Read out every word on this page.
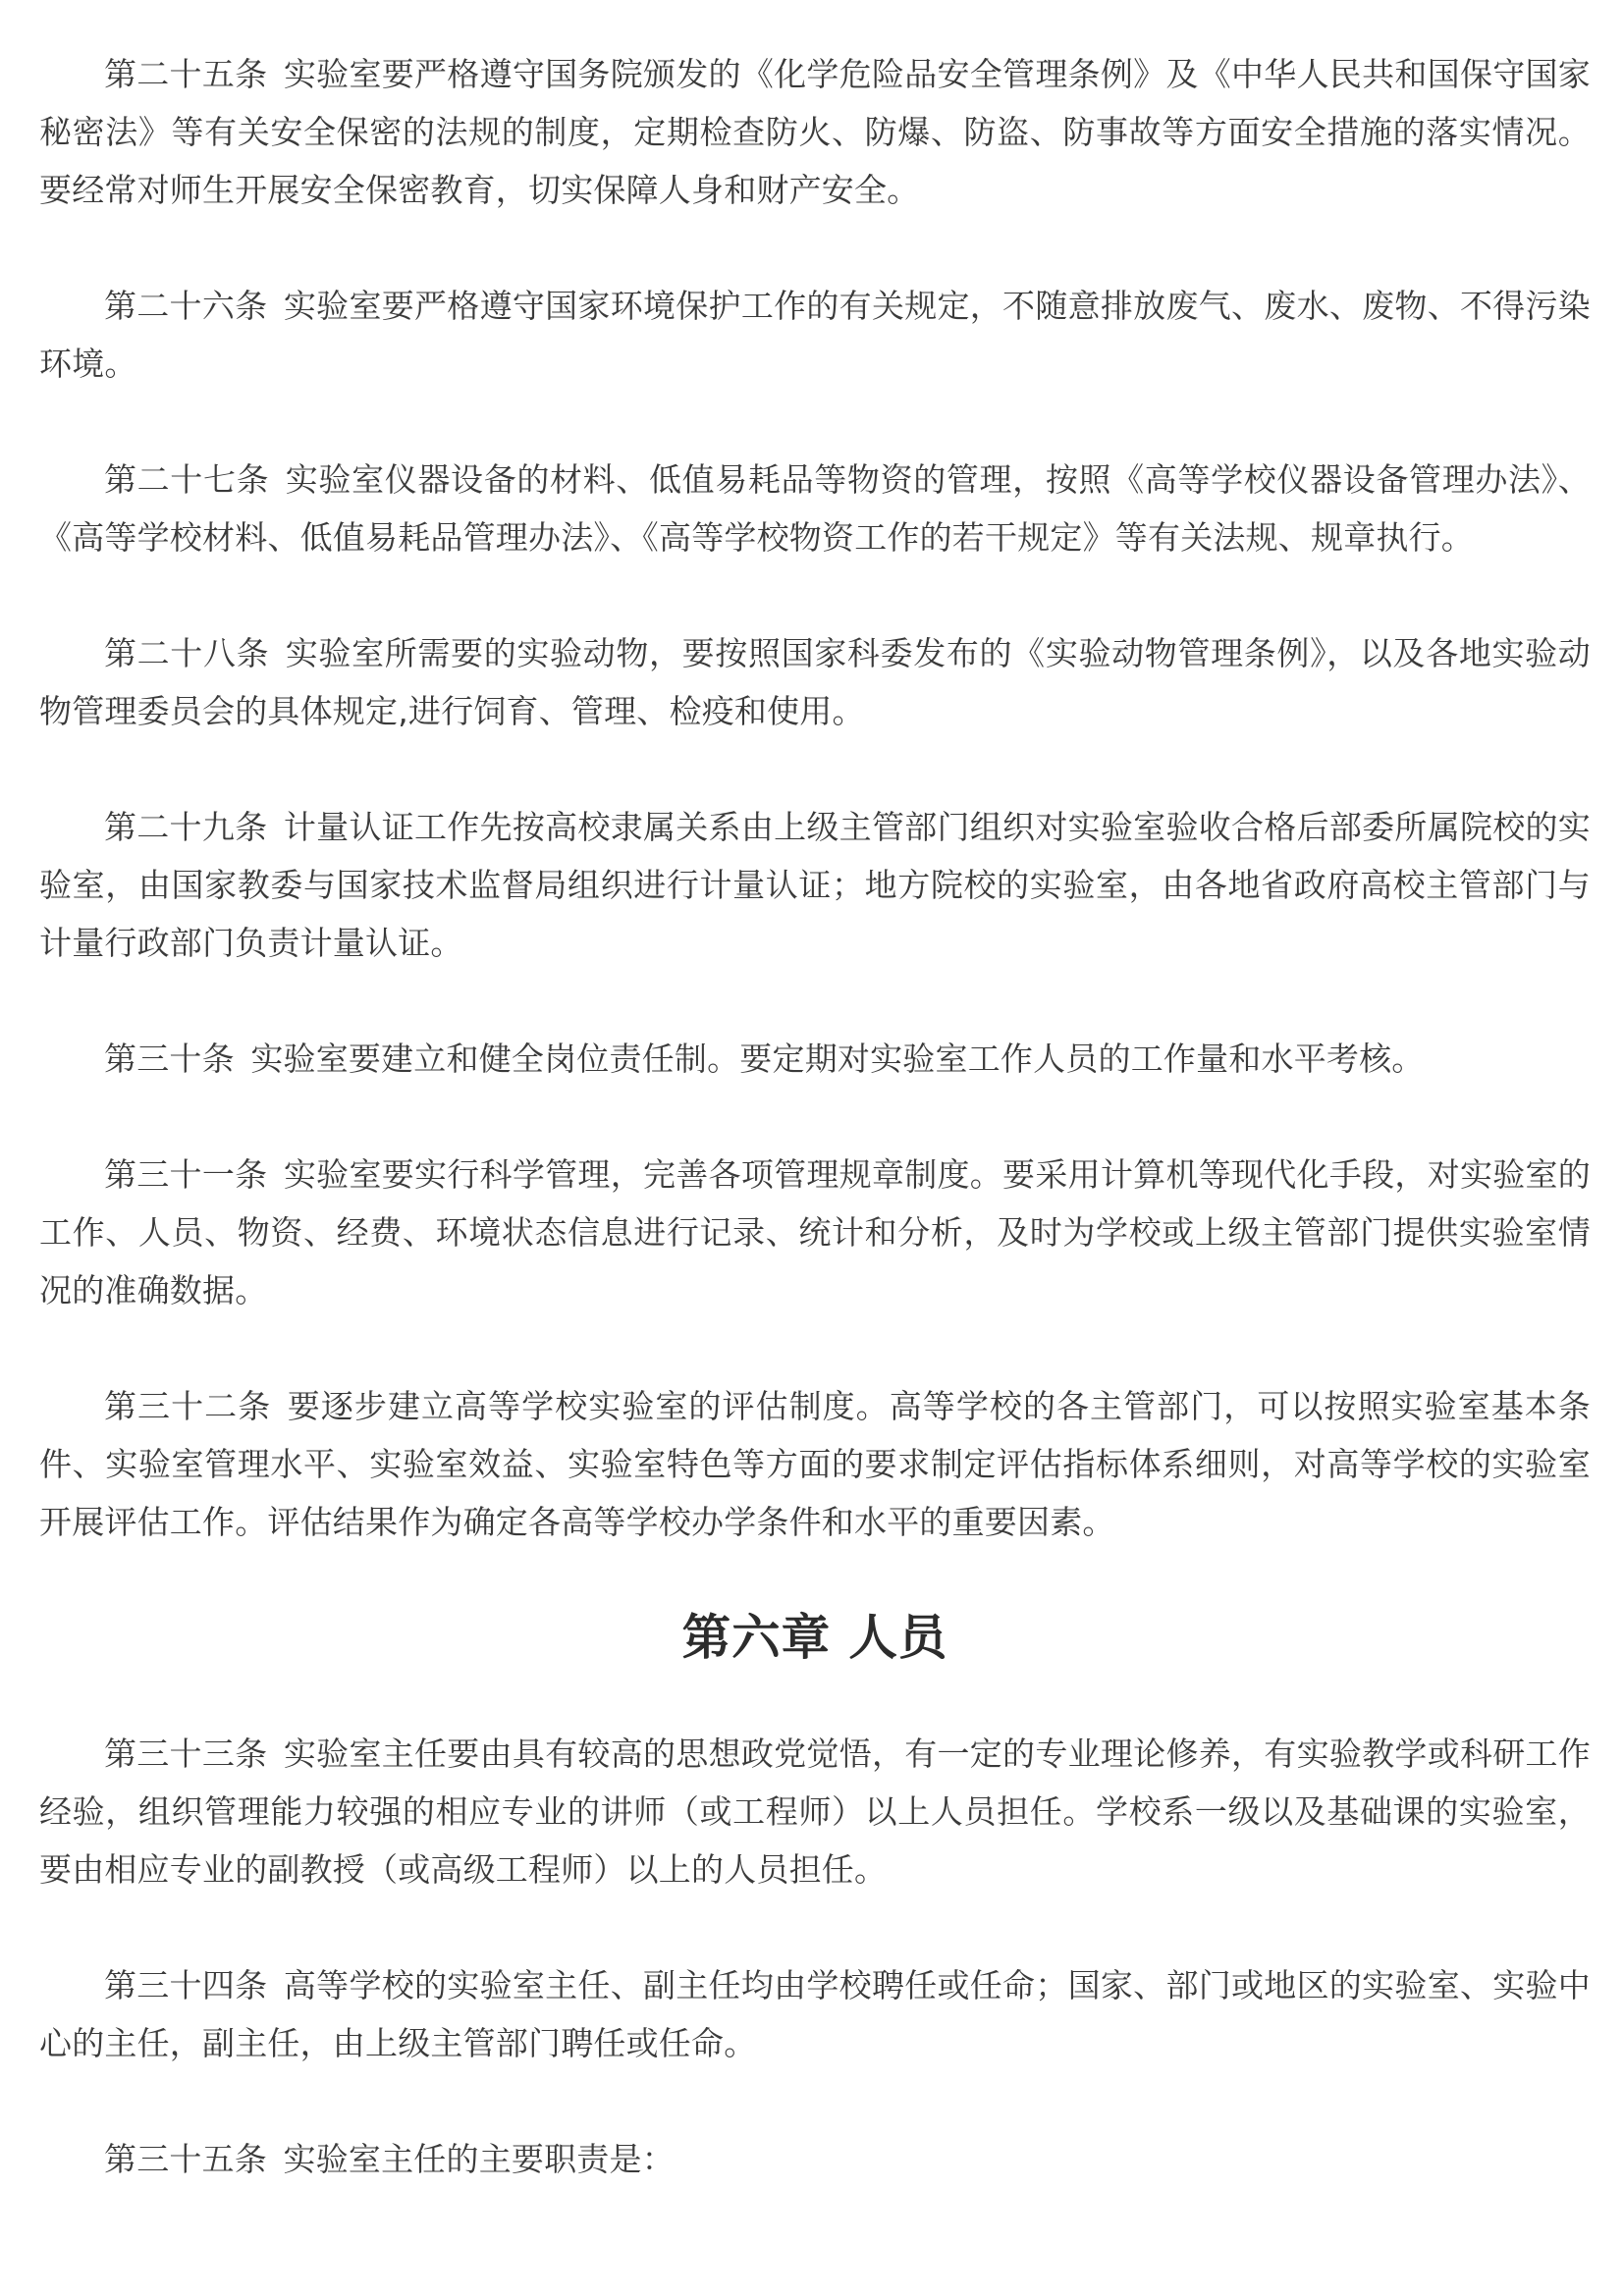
第二十五条 实验室要严格遵守国务院颁发的《化学危险品安全管理条例》及《中华人民共和国保守国家秘密法》等有关安全保密的法规的制度，定期检查防火、防爆、防盗、防事故等方面安全措施的落实情况。要经常对师生开展安全保密教育，切实保障人身和财产安全。

第二十六条 实验室要严格遵守国家环境保护工作的有关规定，不随意排放废气、废水、废物、不得污染环境。

第二十七条 实验室仪器设备的材料、低值易耗品等物资的管理，按照《高等学校仪器设备管理办法》、《高等学校材料、低值易耗品管理办法》、《高等学校物资工作的若干规定》等有关法规、规章执行。

第二十八条 实验室所需要的实验动物，要按照国家科委发布的《实验动物管理条例》，以及各地实验动物管理委员会的具体规定,进行饲育、管理、检疫和使用。

第二十九条 计量认证工作先按高校隶属关系由上级主管部门组织对实验室验收合格后部委所属院校的实验室，由国家教委与国家技术监督局组织进行计量认证；地方院校的实验室，由各地省政府高校主管部门与计量行政部门负责计量认证。

第三十条 实验室要建立和健全岗位责任制。要定期对实验室工作人员的工作量和水平考核。

第三十一条 实验室要实行科学管理，完善各项管理规章制度。要采用计算机等现代化手段，对实验室的工作、人员、物资、经费、环境状态信息进行记录、统计和分析，及时为学校或上级主管部门提供实验室情况的准确数据。

第三十二条 要逐步建立高等学校实验室的评估制度。高等学校的各主管部门，可以按照实验室基本条件、实验室管理水平、实验室效益、实验室特色等方面的要求制定评估指标体系细则，对高等学校的实验室开展评估工作。评估结果作为确定各高等学校办学条件和水平的重要因素。

第六章 人员

第三十三条 实验室主任要由具有较高的思想政党觉悟，有一定的专业理论修养，有实验教学或科研工作经验，组织管理能力较强的相应专业的讲师（或工程师）以上人员担任。学校系一级以及基础课的实验室，要由相应专业的副教授（或高级工程师）以上的人员担任。

第三十四条 高等学校的实验室主任、副主任均由学校聘任或任命；国家、部门或地区的实验室、实验中心的主任，副主任，由上级主管部门聘任或任命。

第三十五条 实验室主任的主要职责是：
